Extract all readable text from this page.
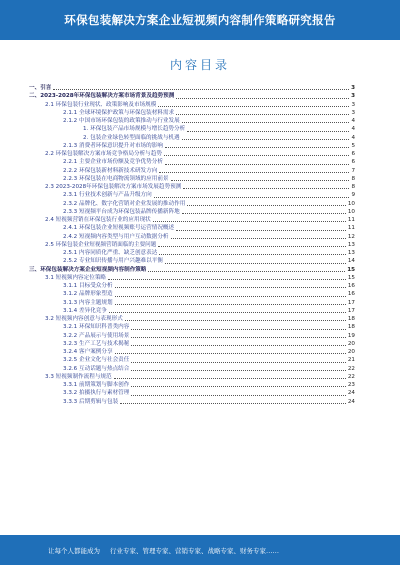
环保包装解决方案企业短视频内容制作策略研究报告
内容目录
一、引言	3
二、2023-2028年环保包装解决方案市场背景及趋势预测	3
2.1 环保包装行业现状、政策影响及市场规模	3
2.1.1 全球环境保护政策与环保包装材料需求	3
2.1.2 中国市场环保包装的政策推动与行业发展	4
1. 环保包装产品市场规模与增长趋势分析	4
2. 包装企业绿色转型面临的挑战与机遇	4
2.1.3 消费者环保意识提升对市场的影响	5
2.2 环保包装解决方案市场竞争格局分析与趋势	6
2.2.1 主要企业市场份额及竞争优势分析	6
2.2.2 环保包装新材料新技术研发方向	7
2.2.3 环保包装在电商物流领域的应用前景	8
2.3 2023-2028年环保包装解决方案市场发展趋势预测	8
2.3.1 行业技术创新与产品升级方向	9
2.3.2 品牌化、数字化营销对企业发展的推动作用	10
2.3.3 短视频平台成为环保包装品牌传播新阵地	10
2.4 短视频营销在环保包装行业的应用现状	11
2.4.1 环保包装企业短视频账号运营情况概述	11
2.4.2 短视频内容类型与用户互动数据分析	12
2.5 环保包装企业短视频营销面临的主要问题	13
2.5.1 内容同质化严重、缺乏创意表达	13
2.5.2 专业知识传播与用户兴趣难以平衡	14
三、环保包装解决方案企业短视频内容制作策略	15
3.1 短视频内容定位策略	15
3.1.1 目标受众分析	16
3.1.2 品牌形象塑造	16
3.1.3 内容主题规划	17
3.1.4 差异化竞争	17
3.2 短视频内容创意与表现形式	18
3.2.1 环保知识科普类内容	18
3.2.2 产品展示与使用场景	19
3.2.3 生产工艺与技术揭秘	20
3.2.4 客户案例分享	20
3.2.5 企业文化与社会责任	21
3.2.6 互动话题与热点结合	22
3.3 短视频制作流程与规范	22
3.3.1 前期策划与脚本创作	23
3.3.2 拍摄执行与素材管理	24
3.3.3 后期剪辑与包装	24
让每个人都能成为 行业专家、管理专家、营销专家、战略专家、财务专家……
